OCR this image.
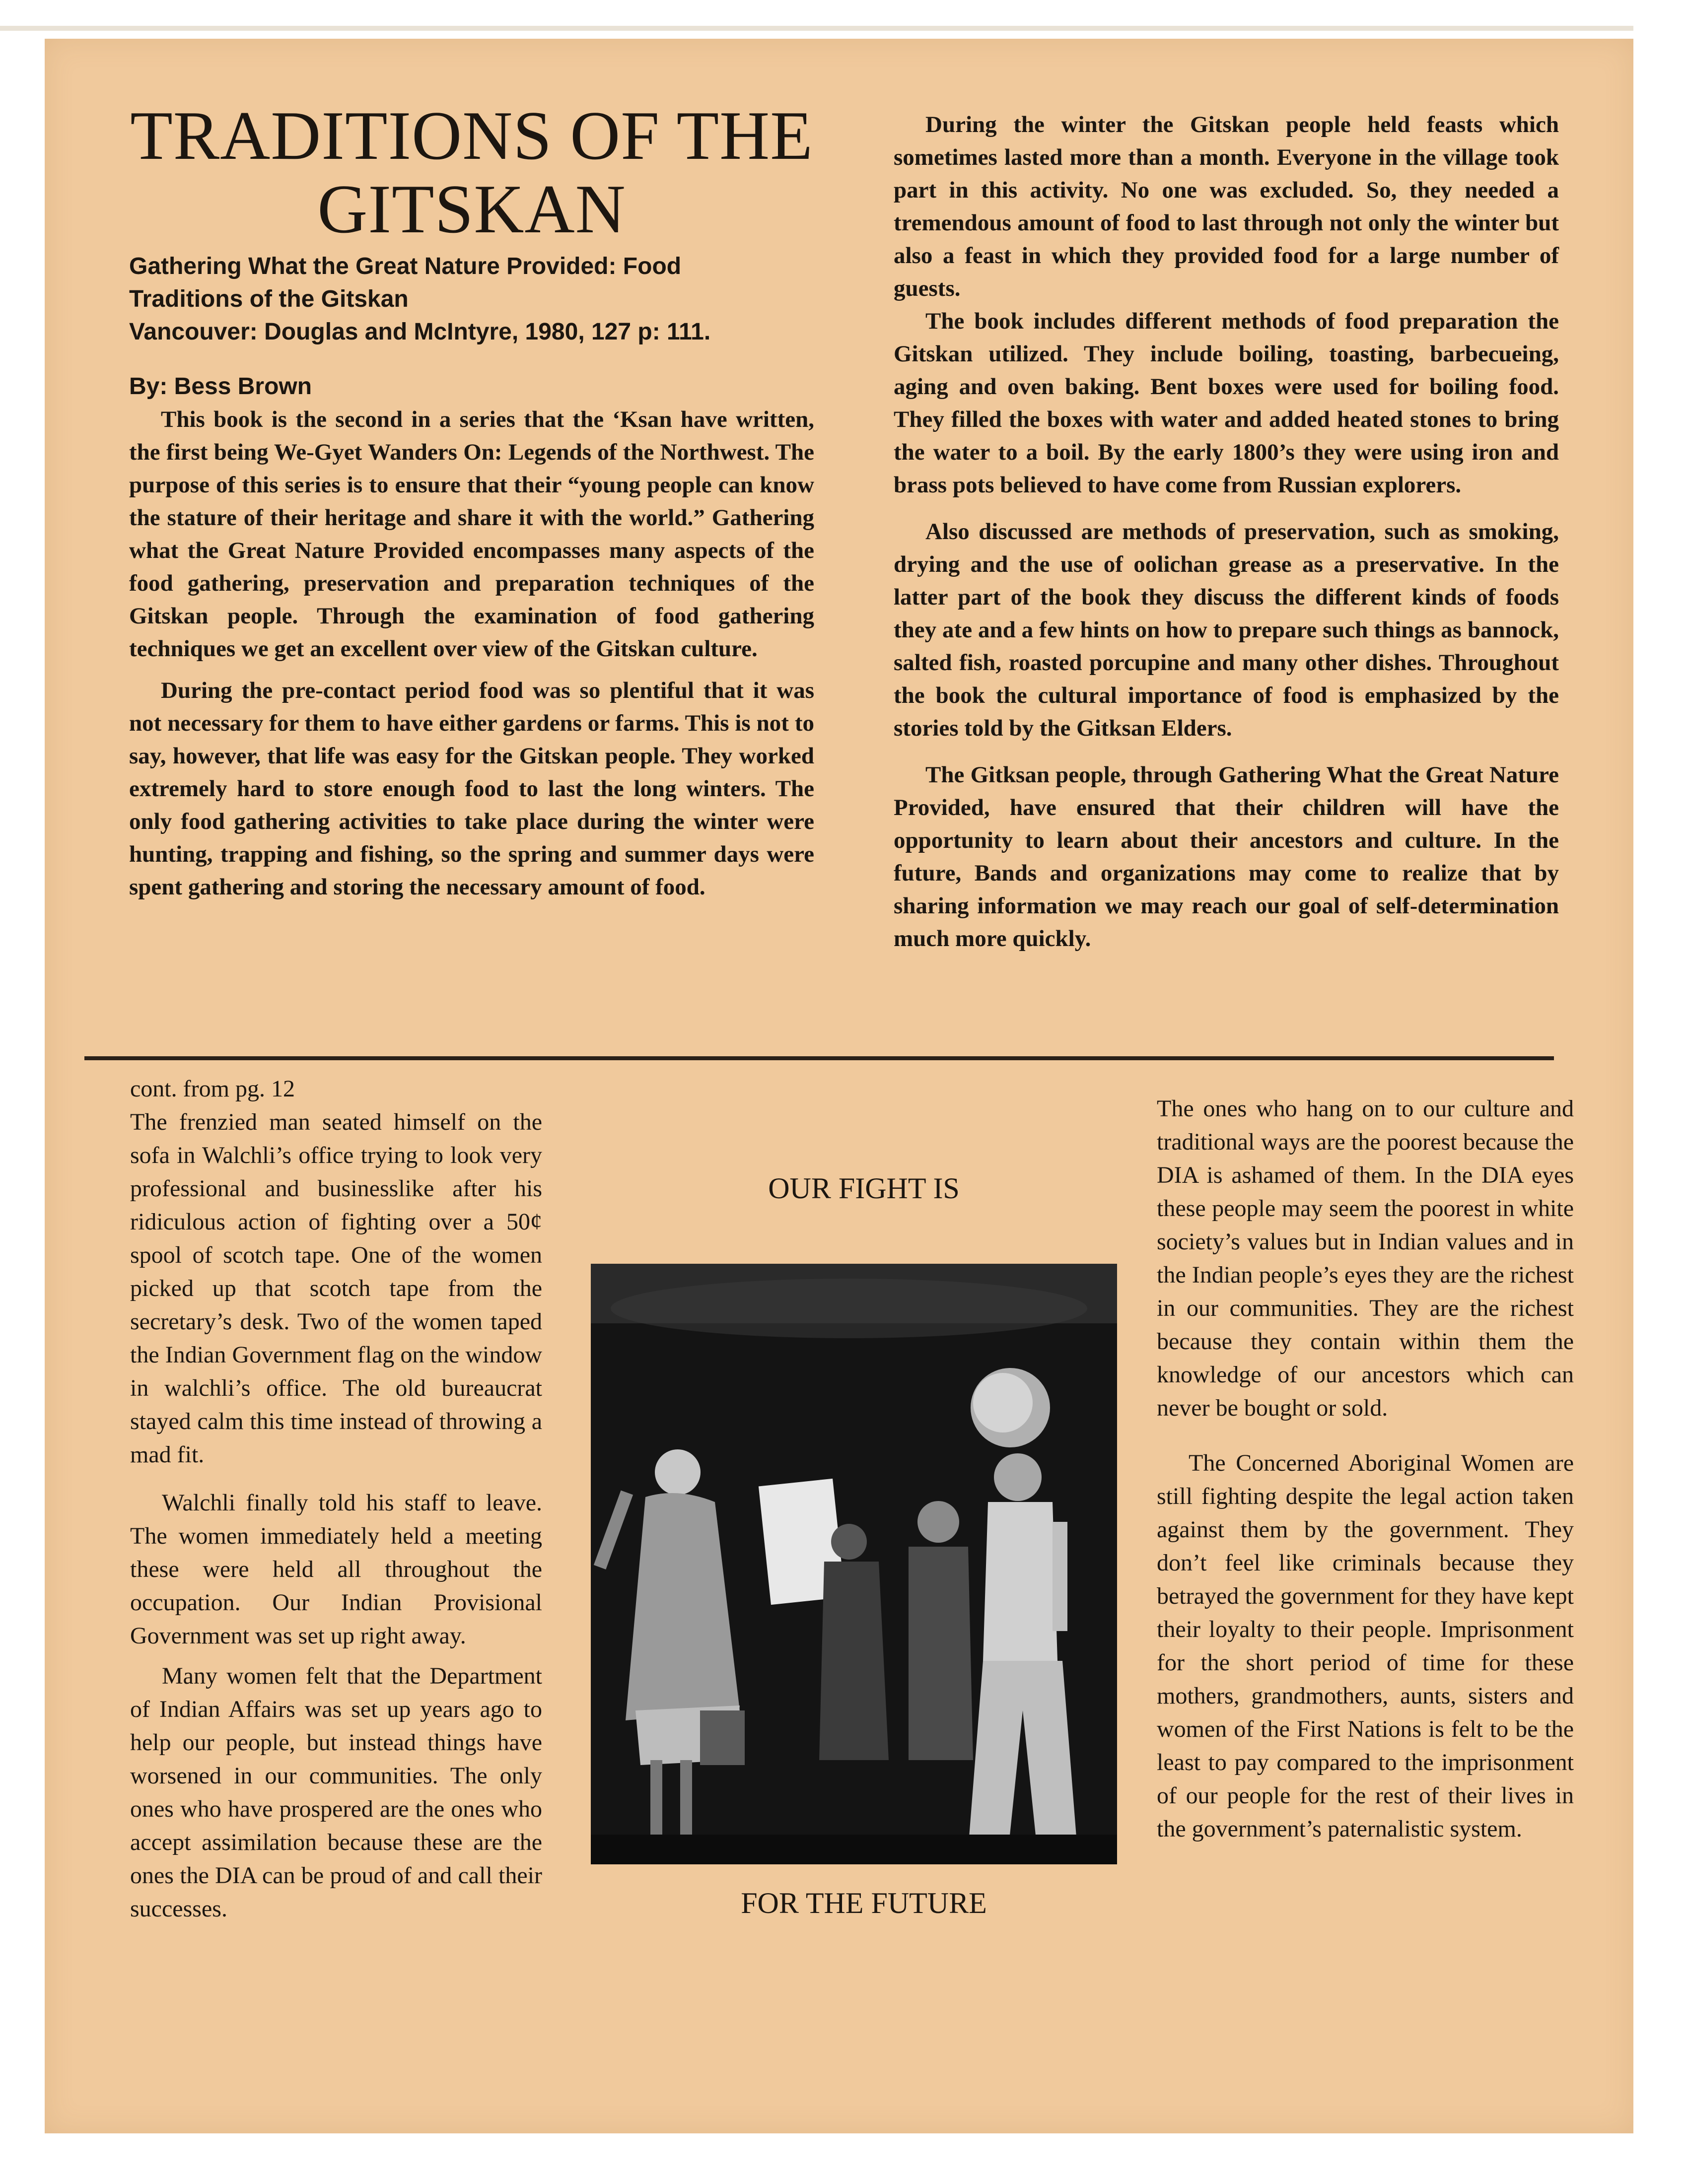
TRADITIONS OF THE
GITSKAN
Gathering What the Great Nature Provided: Food
Traditions of the Gitskan
Vancouver: Douglas and McIntyre, 1980, 127 p: 111.
By: Bess Brown

This book is the second in a series that the ‘Ksan have written, the first being We-Gyet Wanders On: Legends of the Northwest. The purpose of this series is to ensure that their “young people can know the stature of their heritage and share it with the world.” Gathering what the Great Nature Provided encompasses many aspects of the food gathering, preservation and preparation techniques of the Gitskan people. Through the examination of food gathering techniques we get an excellent over view of the Gitskan culture.

During the pre-contact period food was so plentiful that it was not necessary for them to have either gardens or farms. This is not to say, however, that life was easy for the Gitskan people. They worked extremely hard to store enough food to last the long winters. The only food gathering activities to take place during the winter were hunting, trapping and fishing, so the spring and summer days were spent gathering and storing the necessary amount of food.

During the winter the Gitskan people held feasts which sometimes lasted more than a month. Everyone in the village took part in this activity. No one was excluded. So, they needed a tremendous amount of food to last through not only the winter but also a feast in which they provided food for a large number of guests.

The book includes different methods of food preparation the Gitskan utilized. They include boiling, toasting, barbecueing, aging and oven baking. Bent boxes were used for boiling food. They filled the boxes with water and added heated stones to bring the water to a boil. By the early 1800’s they were using iron and brass pots believed to have come from Russian explorers.

Also discussed are methods of preservation, such as smoking, drying and the use of oolichan grease as a preservative. In the latter part of the book they discuss the different kinds of foods they ate and a few hints on how to prepare such things as bannock, salted fish, roasted porcupine and many other dishes. Throughout the book the cultural importance of food is emphasized by the stories told by the Gitksan Elders.

The Gitksan people, through Gathering What the Great Nature Provided, have ensured that their children will have the opportunity to learn about their ancestors and culture. In the future, Bands and organizations may come to realize that by sharing information we may reach our goal of self-determination much more quickly.

cont. from pg. 12

The frenzied man seated himself on the sofa in Walchli’s office trying to look very professional and businesslike after his ridiculous action of fighting over a 50¢ spool of scotch tape. One of the women picked up that scotch tape from the secretary’s desk. Two of the women taped the Indian Government flag on the window in walchli’s office. The old bureaucrat stayed calm this time instead of throwing a mad fit.

Walchli finally told his staff to leave. The women immediately held a meeting these were held all throughout the occupation. Our Indian Provisional Government was set up right away.

Many women felt that the Department of Indian Affairs was set up years ago to help our people, but instead things have worsened in our communities. The only ones who have prospered are the ones who accept assimilation because these are the ones the DIA can be proud of and call their successes.

OUR FIGHT IS
FOR THE FUTURE

The ones who hang on to our culture and traditional ways are the poorest because the DIA is ashamed of them. In the DIA eyes these people may seem the poorest in white society’s values but in Indian values and in the Indian people’s eyes they are the richest in our communities. They are the richest because they contain within them the knowledge of our ancestors which can never be bought or sold.

The Concerned Aboriginal Women are still fighting despite the legal action taken against them by the government. They don’t feel like criminals because they betrayed the government for they have kept their loyalty to their people. Imprisonment for the short period of time for these mothers, grandmothers, aunts, sisters and women of the First Nations is felt to be the least to pay compared to the imprisonment of our people for the rest of their lives in the government’s paternalistic system.
